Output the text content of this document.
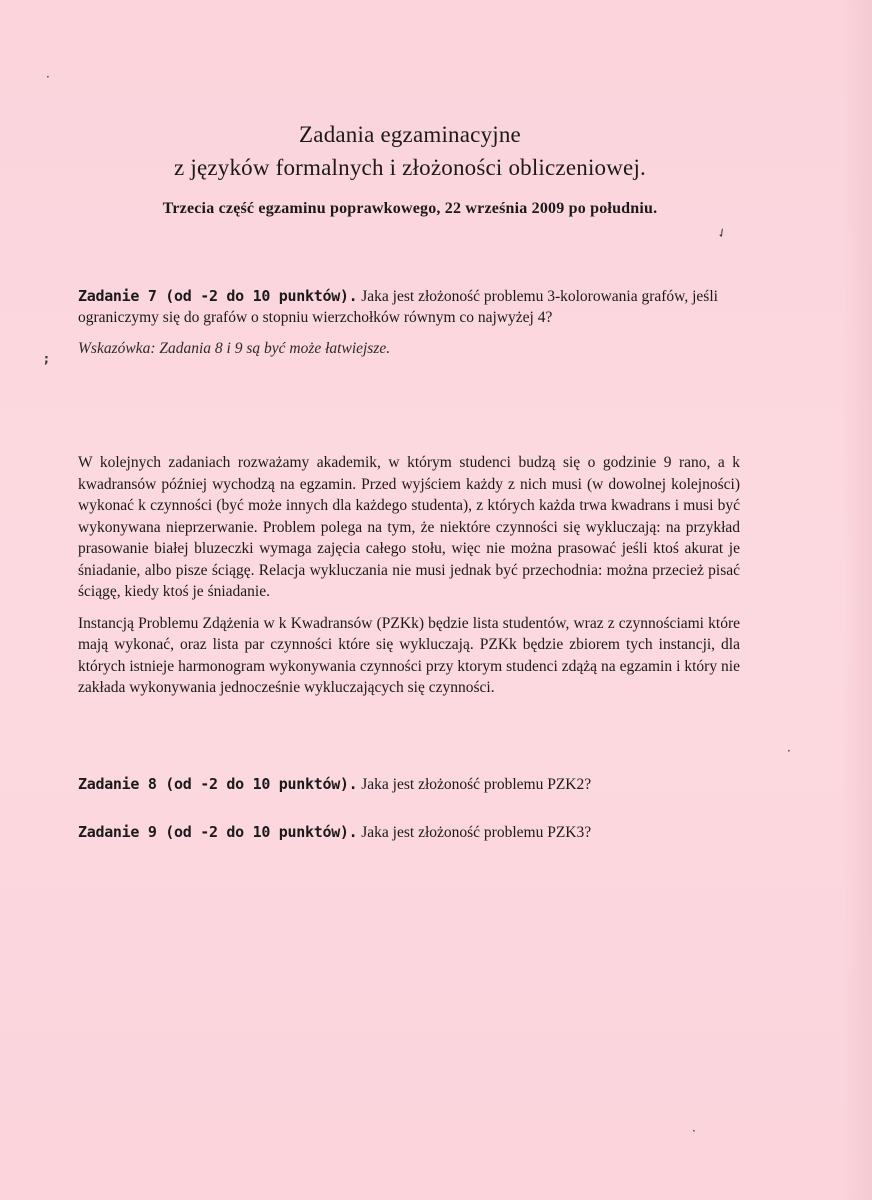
·
✓
;
·
·
Zadania egzaminacyjne
z języków formalnych i złożoności obliczeniowej.
Trzecia część egzaminu poprawkowego, 22 września 2009 po południu.
Zadanie 7 (od -2 do 10 punktów). Jaka jest złożoność problemu 3-kolorowania grafów, jeśli ograniczymy się do grafów o stopniu wierzchołków równym co najwyżej 4?
Wskazówka: Zadania 8 i 9 są być może łatwiejsze.

W kolejnych zadaniach rozważamy akademik, w którym studenci budzą się o godzinie 9 rano, a k kwadransów później wychodzą na egzamin. Przed wyjściem każdy z nich musi (w dowolnej kolejności) wykonać k czynności (być może innych dla każdego studenta), z których każda trwa kwadrans i musi być wykonywana nieprzerwanie. Problem polega na tym, że niektóre czynności się wykluczają: na przykład prasowanie białej bluzeczki wymaga zajęcia całego stołu, więc nie można prasować jeśli ktoś akurat je śniadanie, albo pisze ściągę. Relacja wykluczania nie musi jednak być przechodnia: można przecież pisać ściągę, kiedy ktoś je śniadanie.

Instancją Problemu Zdążenia w k Kwadransów (PZKk) będzie lista studentów, wraz z czynnościami które mają wykonać, oraz lista par czynności które się wykluczają. PZKk będzie zbiorem tych instancji, dla których istnieje harmonogram wykonywania czynności przy ktorym studenci zdążą na egzamin i który nie zakłada wykonywania jednocześnie wykluczających się czynności.

Zadanie 8 (od -2 do 10 punktów). Jaka jest złożoność problemu PZK2?
Zadanie 9 (od -2 do 10 punktów). Jaka jest złożoność problemu PZK3?
